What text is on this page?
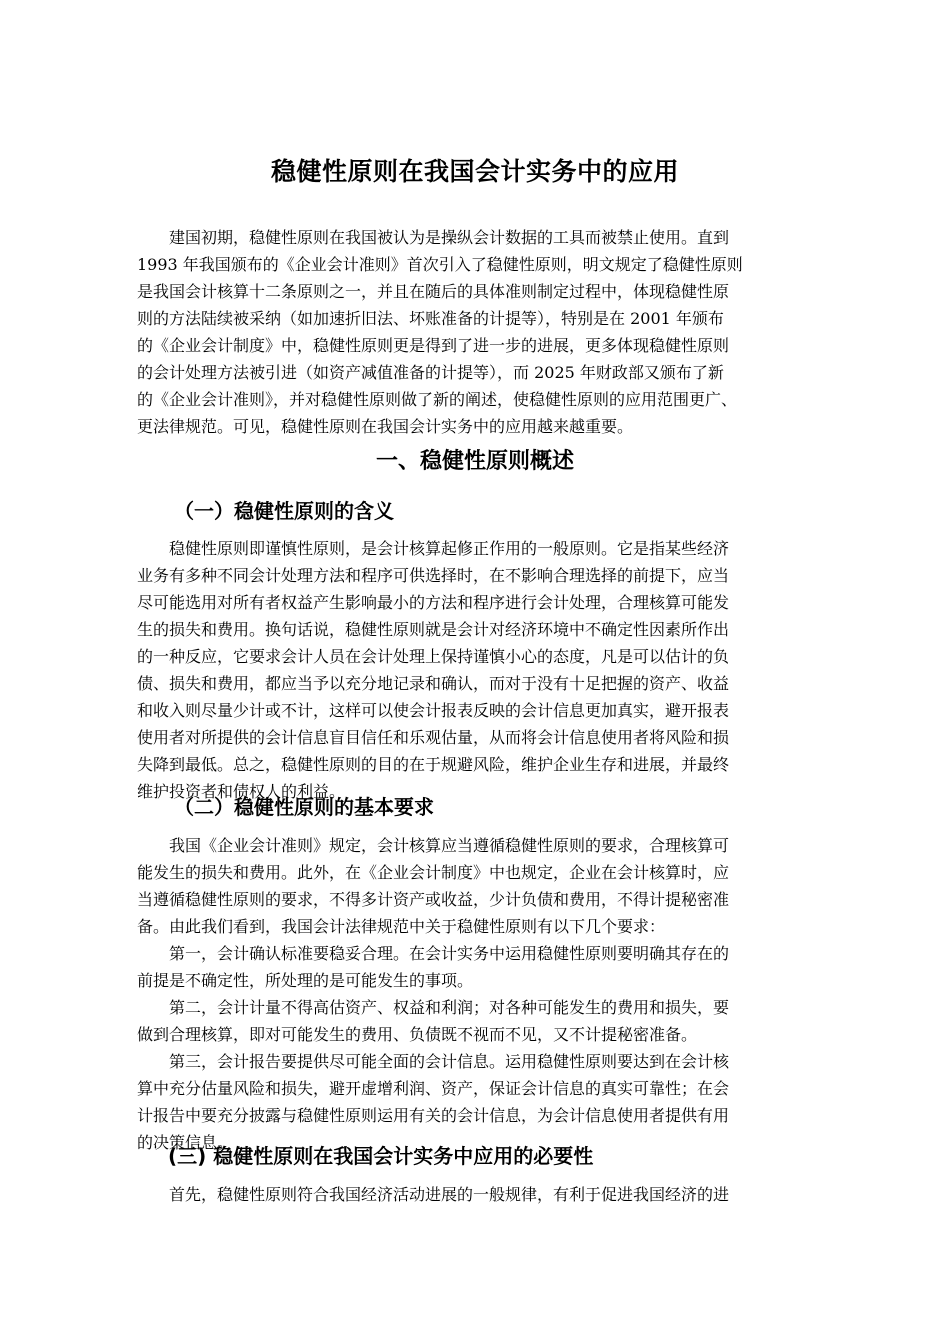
稳健性原则在我国会计实务中的应用
　　建国初期，稳健性原则在我国被认为是操纵会计数据的工具而被禁止使用。直到
1993 年我国颁布的《企业会计准则》首次引入了稳健性原则，明文规定了稳健性原则
是我国会计核算十二条原则之一，并且在随后的具体准则制定过程中，体现稳健性原
则的方法陆续被采纳（如加速折旧法、坏账准备的计提等），特别是在 2001 年颁布
的《企业会计制度》中，稳健性原则更是得到了进一步的进展，更多体现稳健性原则
的会计处理方法被引进（如资产减值准备的计提等），而 2025 年财政部又颁布了新
的《企业会计准则》，并对稳健性原则做了新的阐述，使稳健性原则的应用范围更广、
更法律规范。可见，稳健性原则在我国会计实务中的应用越来越重要。
一、稳健性原则概述
（一）稳健性原则的含义
　　稳健性原则即谨慎性原则，是会计核算起修正作用的一般原则。它是指某些经济
业务有多种不同会计处理方法和程序可供选择时，在不影响合理选择的前提下，应当
尽可能选用对所有者权益产生影响最小的方法和程序进行会计处理，合理核算可能发
生的损失和费用。换句话说，稳健性原则就是会计对经济环境中不确定性因素所作出
的一种反应，它要求会计人员在会计处理上保持谨慎小心的态度，凡是可以估计的负
债、损失和费用，都应当予以充分地记录和确认，而对于没有十足把握的资产、收益
和收入则尽量少计或不计，这样可以使会计报表反映的会计信息更加真实，避开报表
使用者对所提供的会计信息盲目信任和乐观估量，从而将会计信息使用者将风险和损
失降到最低。总之，稳健性原则的目的在于规避风险，维护企业生存和进展，并最终
维护投资者和债权人的利益。
（二）稳健性原则的基本要求
　　我国《企业会计准则》规定，会计核算应当遵循稳健性原则的要求，合理核算可
能发生的损失和费用。此外，在《企业会计制度》中也规定，企业在会计核算时，应
当遵循稳健性原则的要求，不得多计资产或收益，少计负债和费用，不得计提秘密准
备。由此我们看到，我国会计法律规范中关于稳健性原则有以下几个要求：
　　第一，会计确认标准要稳妥合理。在会计实务中运用稳健性原则要明确其存在的
前提是不确定性，所处理的是可能发生的事项。
　　第二，会计计量不得高估资产、权益和利润；对各种可能发生的费用和损失，要
做到合理核算，即对可能发生的费用、负债既不视而不见，又不计提秘密准备。
　　第三，会计报告要提供尽可能全面的会计信息。运用稳健性原则要达到在会计核
算中充分估量风险和损失，避开虚增利润、资产，保证会计信息的真实可靠性；在会
计报告中要充分披露与稳健性原则运用有关的会计信息，为会计信息使用者提供有用
的决策信息。
(三) 稳健性原则在我国会计实务中应用的必要性
　　首先，稳健性原则符合我国经济活动进展的一般规律，有利于促进我国经济的进
